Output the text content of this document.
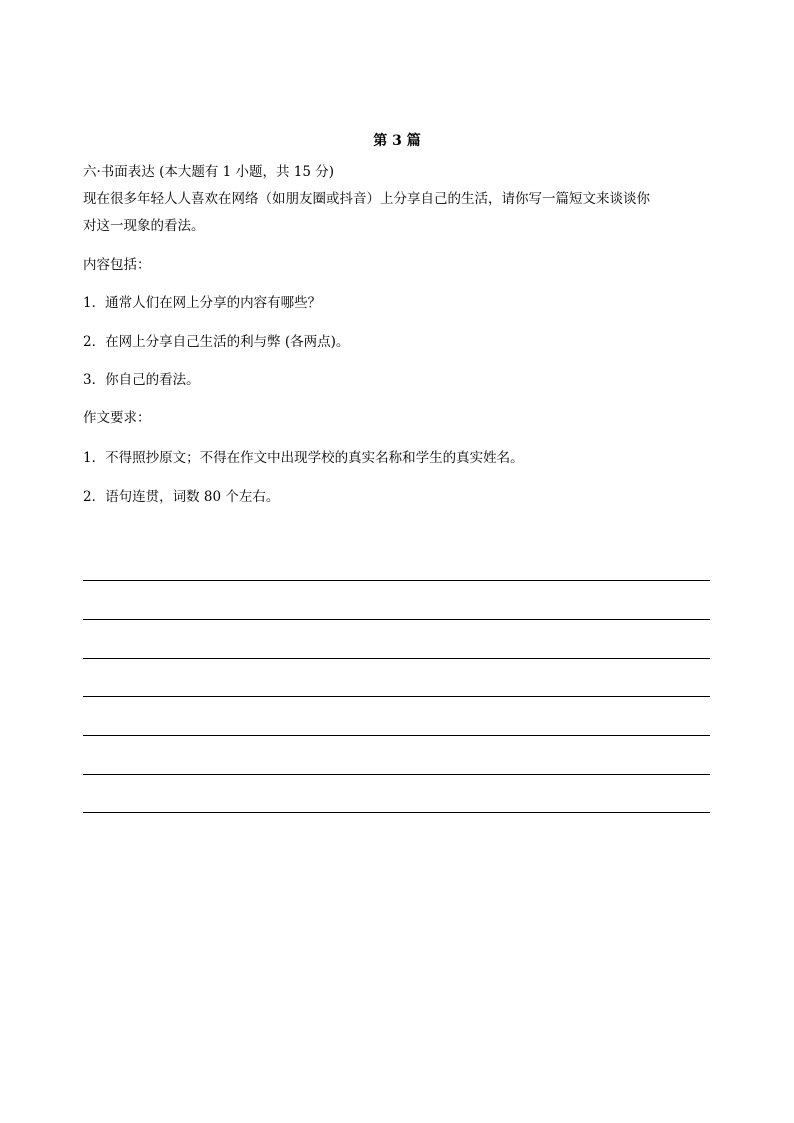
第 3 篇
六·书面表达 (本大题有 1 小题，共 15 分)
现在很多年轻人人喜欢在网络（如朋友圈或抖音）上分享自己的生活，请你写一篇短文来谈谈你
对这一现象的看法。
内容包括：
1．通常人们在网上分享的内容有哪些？
2．在网上分享自己生活的利与弊 (各两点)。
3．你自己的看法。
作文要求：
1．不得照抄原文；不得在作文中出现学校的真实名称和学生的真实姓名。
2．语句连贯，词数 80 个左右。
